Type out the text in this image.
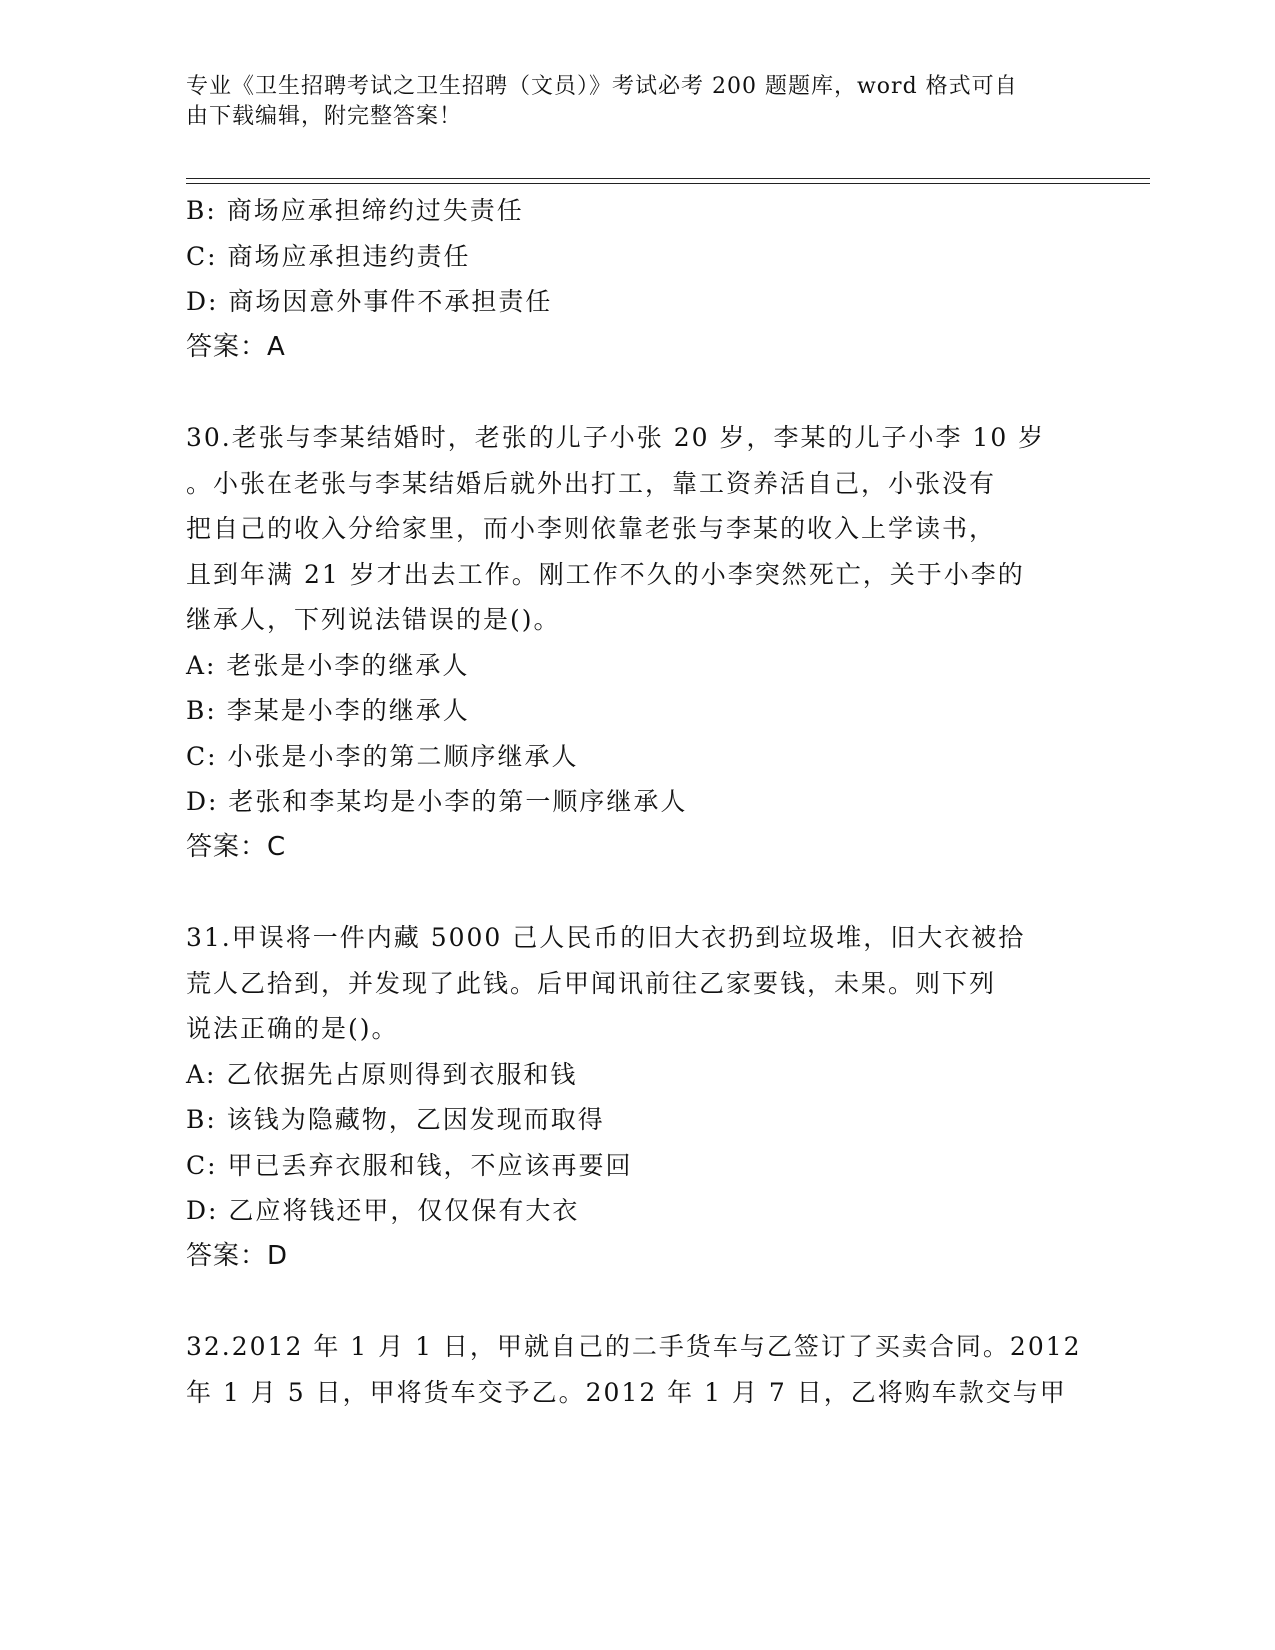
专业《卫生招聘考试之卫生招聘（文员）》考试必考 200 题题库，word 格式可自
由下载编辑，附完整答案！
B: 商场应承担缔约过失责任
C: 商场应承担违约责任
D: 商场因意外事件不承担责任
答案：A
30.老张与李某结婚时，老张的儿子小张 20 岁，李某的儿子小李 10 岁
。小张在老张与李某结婚后就外出打工，靠工资养活自己，小张没有
把自己的收入分给家里，而小李则依靠老张与李某的收入上学读书，
且到年满 21 岁才出去工作。刚工作不久的小李突然死亡，关于小李的
继承人，下列说法错误的是()。
A: 老张是小李的继承人
B: 李某是小李的继承人
C: 小张是小李的第二顺序继承人
D: 老张和李某均是小李的第一顺序继承人
答案：C
31.甲误将一件内藏 5000 己人民币的旧大衣扔到垃圾堆，旧大衣被拾
荒人乙拾到，并发现了此钱。后甲闻讯前往乙家要钱，未果。则下列
说法正确的是()。
A: 乙依据先占原则得到衣服和钱
B: 该钱为隐藏物，乙因发现而取得
C: 甲已丢弃衣服和钱，不应该再要回
D: 乙应将钱还甲，仅仅保有大衣
答案：D
32.2012 年 1 月 1 日，甲就自己的二手货车与乙签订了买卖合同。2012
年 1 月 5 日，甲将货车交予乙。2012 年 1 月 7 日，乙将购车款交与甲
